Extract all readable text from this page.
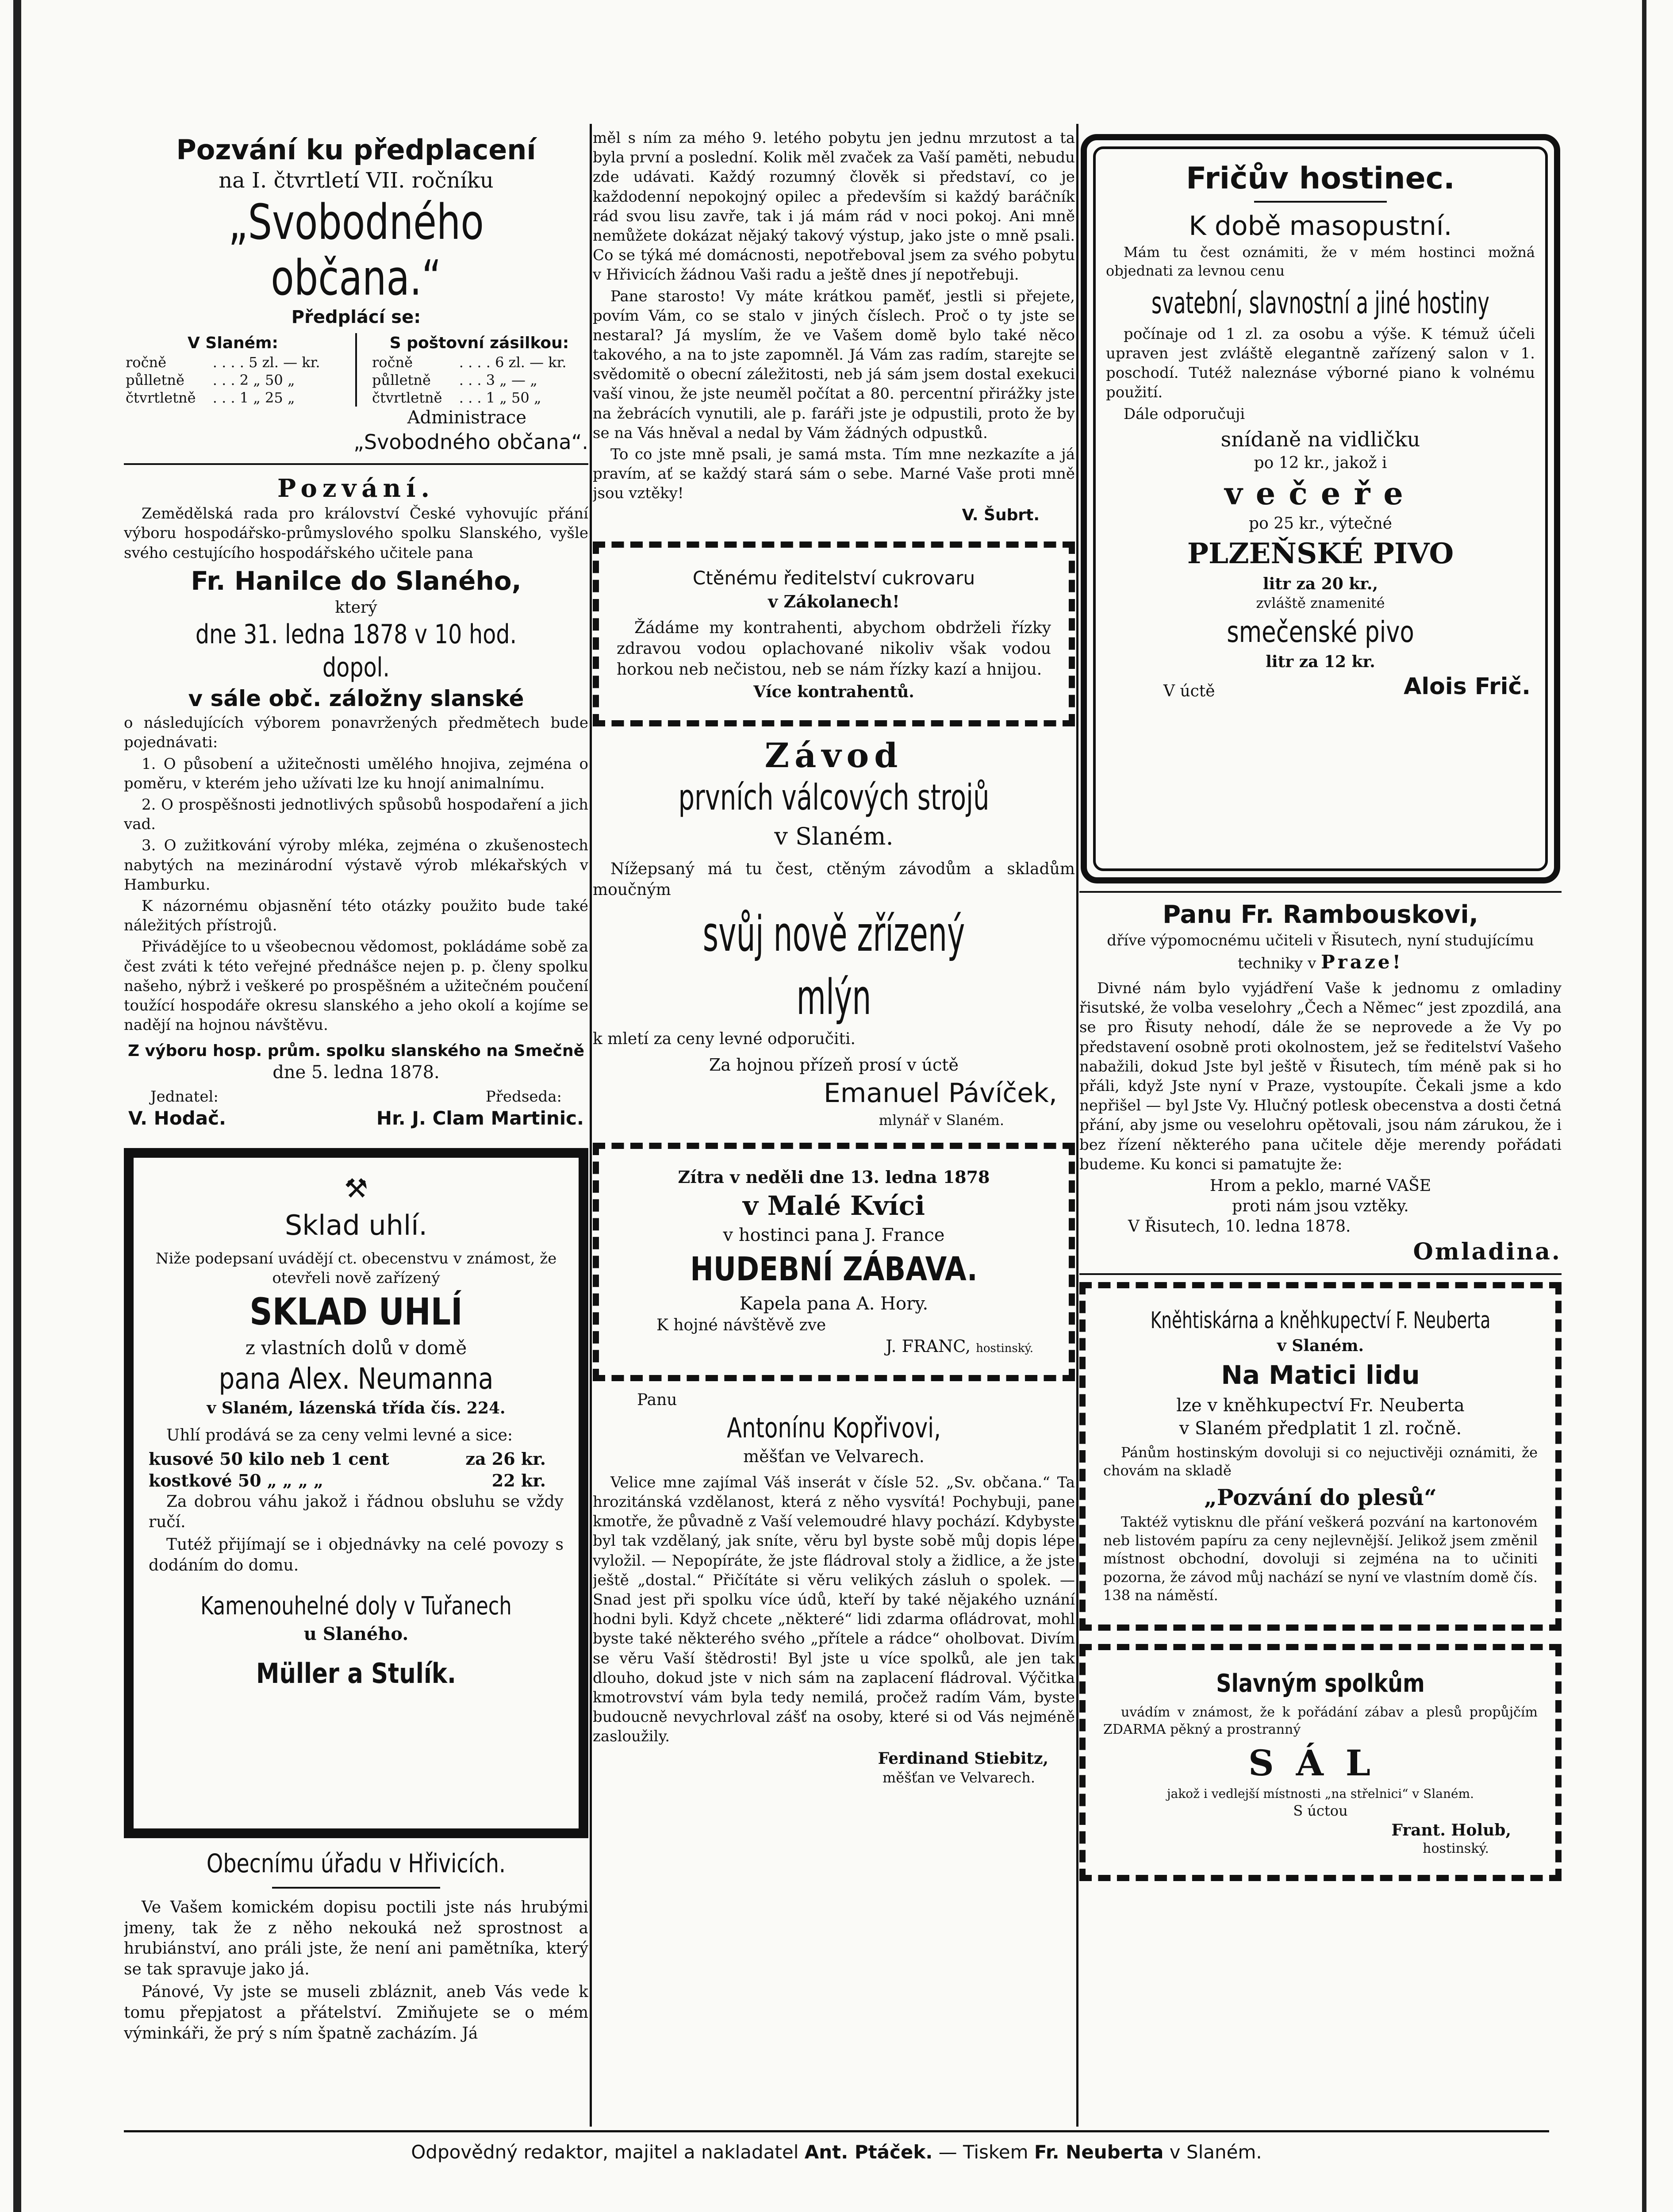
Pozvání ku předplacení
na I. čtvrtletí VII. ročníku
„Svobodného občana.“
Předplácí se:
V Slaném:
ročně	. . . . 5 zl. — kr.
půlletně	. . . 2 „ 50 „
čtvrtletně	. . . 1 „ 25 „
S poštovní zásilkou:
ročně	. . . . 6 zl. — kr.
půlletně	. . . 3 „ — „
čtvrtletně	. . . 1 „ 50 „
Administrace
„Svobodného občana“.
Pozvání.

Zemědělská rada pro království České vyhovujíc přání výboru hospodářsko-průmyslového spolku Slanského, vyšle svého cestujícího hospodářského učitele pana

Fr. Hanilce do Slaného,
který
dne 31. ledna 1878 v 10 hod. dopol.
v sále obč. záložny slanské

o následujících výborem ponavržených předmětech bude pojednávati:

1. O působení a užitečnosti umělého hnojiva, zejména o poměru, v kterém jeho užívati lze ku hnojí animalnímu.

2. O prospěšnosti jednotlivých spůsobů hospodaření a jich vad.

3. O zužitkování výroby mléka, zejména o zkušenostech nabytých na mezinárodní výstavě výrob mlékařských v Hamburku.

K názornému objasnění této otázky použito bude také náležitých přístrojů.

Přivádějíce to u všeobecnou vědomost, pokládáme sobě za čest zváti k této veřejné přednášce nejen p. p. členy spolku našeho, nýbrž i veškeré po prospěšném a užitečném poučení toužící hospodáře okresu slanského a jeho okolí a kojíme se nadějí na hojnou návštěvu.

Z výboru hosp. prům. spolku slanského na Smečně
dne 5. ledna 1878.
Jednatel:	Předseda:
V. Hodač.	Hr. J. Clam Martinic.
⚒
Sklad uhlí.

Niže podepsaní uvádějí ct. obecenstvu v známost, že otevřeli nově zařízený

SKLAD UHLÍ
z vlastních dolů v domě
pana Alex. Neumanna
v Slaném, lázenská třída čís. 224.

Uhlí prodává se za ceny velmi levné a sice:

kusové 50 kilo neb 1 cent	za 26 kr.
kostkové 50 „ „ „ „	22 kr.

Za dobrou váhu jakož i řádnou obsluhu se vždy ručí.

Tutéž přijímají se i objednávky na celé povozy s dodáním do domu.

Kamenouhelné doly v Tuřanech
u Slaného.
Müller a Stulík.
Obecnímu úřadu v Hřivicích.

Ve Vašem komickém dopisu poctili jste nás hrubými jmeny, tak že z něho nekouká než sprostnost a hrubiánství, ano práli jste, že není ani pamětníka, který se tak spravuje jako já.

Pánové, Vy jste se museli zbláznit, aneb Vás vede k tomu přepjatost a přátelství. Zmiňujete se o mém výminkáři, že prý s ním špatně zacházím. Já

měl s ním za mého 9. letého pobytu jen jednu mrzutost a ta byla první a poslední. Kolik měl zvaček za Vaší paměti, nebudu zde udávati. Každý rozumný člověk si představí, co je každodenní nepokojný opilec a především si každý baráčník rád svou lisu zavře, tak i já mám rád v noci pokoj. Ani mně nemůžete dokázat nějaký takový výstup, jako jste o mně psali. Co se týká mé domácnosti, nepotřeboval jsem za svého pobytu v Hřivicích žádnou Vaši radu a ještě dnes jí nepotřebuji.

Pane starosto! Vy máte krátkou paměť, jestli si přejete, povím Vám, co se stalo v jiných číslech. Proč o ty jste se nestaral? Já myslím, že ve Vašem domě bylo také něco takového, a na to jste zapomněl. Já Vám zas radím, starejte se svědomitě o obecní záležitosti, neb já sám jsem dostal exekuci vaší vinou, že jste neuměl počítat a 80. percentní přirážky jste na žebrácích vynutili, ale p. faráři jste je odpustili, proto že by se na Vás hněval a nedal by Vám žádných odpustků.

To co jste mně psali, je samá msta. Tím mne nezkazíte a já pravím, ať se každý stará sám o sebe. Marné Vaše proti mně jsou vztěky!

V. Šubrt.
Ctěnému ředitelství cukrovaru
v Zákolanech!

Žádáme my kontrahenti, abychom obdrželi řízky zdravou vodou oplachované nikoliv však vodou horkou neb nečistou, neb se nám řízky kazí a hnijou.

Více kontrahentů.
Závod
prvních válcových strojů
v Slaném.

Nížepsaný má tu čest, ctěným závodům a skladům moučným

svůj nově zřízený mlýn

k mletí za ceny levné odporučiti.

Za hojnou přízeň prosí v úctě
Emanuel Pávíček,
mlynář v Slaném.
Zítra v neděli dne 13. ledna 1878
v Malé Kvíci
v hostinci pana J. France
HUDEBNÍ ZÁBAVA.
Kapela pana A. Hory.
K hojné návštěvě zve
J. FRANC, hostinský.
Panu
Antonínu Kopřivovi,
měšťan ve Velvarech.

Velice mne zajímal Váš inserát v čísle 52. „Sv. občana.“ Ta hrozitánská vzdělanost, která z něho vysvítá! Pochybuji, pane kmotře, že půvadně z Vaší velemoudré hlavy pochází. Kdybyste byl tak vzdělaný, jak sníte, věru byl byste sobě můj dopis lépe vyložil. — Nepopíráte, že jste fládroval stoly a židlice, a že jste ještě „dostal.“ Přičítáte si věru velikých zásluh o spolek. — Snad jest při spolku více údů, kteří by také nějakého uznání hodni byli. Když chcete „některé“ lidi zdarma ofládrovat, mohl byste také některého svého „přítele a rádce“ oholbovat. Divím se věru Vaší štědrosti! Byl jste u více spolků, ale jen tak dlouho, dokud jste v nich sám na zaplacení fládroval. Výčitka kmotrovství vám byla tedy nemilá, pročež radím Vám, byste budoucně nevychrloval zášť na osoby, které si od Vás nejméně zasloužily.

Ferdinand Stiebitz,
měšťan ve Velvarech.
Fričův hostinec.
K době masopustní.

Mám tu čest oznámiti, že v mém hostinci možná objednati za levnou cenu

svatební, slavnostní a jiné hostiny

počínaje od 1 zl. za osobu a výše. K témuž účeli upraven jest zvláště elegantně zařízený salon v 1. poschodí. Tutéž naleznáse výborné piano k volnému použití.

Dále odporučuji

snídaně na vidličku
po 12 kr., jakož i
večeře
po 25 kr., výtečné
PLZEŇSKÉ PIVO
litr za 20 kr.,
zvláště znamenité
smečenské pivo
litr za 12 kr.
V úctě	Alois Frič.
Panu Fr. Rambouskovi,
dříve výpomocnému učiteli v Řisutech, nyní studujícímu techniky v Praze!

Divné nám bylo vyjádření Vaše k jednomu z omladiny řisutské, že volba veselohry „Čech a Němec“ jest zpozdilá, ana se pro Řisuty nehodí, dále že se neprovede a že Vy po představení osobně proti okolnostem, jež se ředitelství Vašeho nabažili, dokud Jste byl ještě v Řisutech, tím méně pak si ho přáli, když Jste nyní v Praze, vystoupíte. Čekali jsme a kdo nepřišel — byl Jste Vy. Hlučný potlesk obecenstva a dosti četná přání, aby jsme ou veselohru opětovali, jsou nám zárukou, že i bez řízení některého pana učitele děje merendy pořádati budeme. Ku konci si pamatujte že:

Hrom a peklo, marné VAŠE
proti nám jsou vztěky.
V Řisutech, 10. ledna 1878.
Omladina.
Kněhtiskárna a kněhkupectví F. Neuberta
v Slaném.
Na Matici lidu
lze v kněhkupectví Fr. Neuberta
v Slaném předplatit 1 zl. ročně.

Pánům hostinským dovoluji si co nejuctivěji oznámiti, že chovám na skladě

„Pozvání do plesů“

Taktéž vytisknu dle přání veškerá pozvání na kartonovém neb listovém papíru za ceny nejlevnější. Jelikož jsem změnil místnost obchodní, dovoluji si zejména na to učiniti pozorna, že závod můj nachází se nyní ve vlastním domě čís. 138 na náměstí.

Slavným spolkům

uvádím v známost, že k pořádání zábav a plesů propůjčím ZDARMA pěkný a prostranný

SÁL
jakož i vedlejší místnosti „na střelnici“ v Slaném.
S úctou
Frant. Holub,
hostinský.
Odpovědný redaktor, majitel a nakladatel Ant. Ptáček. — Tiskem Fr. Neuberta v Slaném.
